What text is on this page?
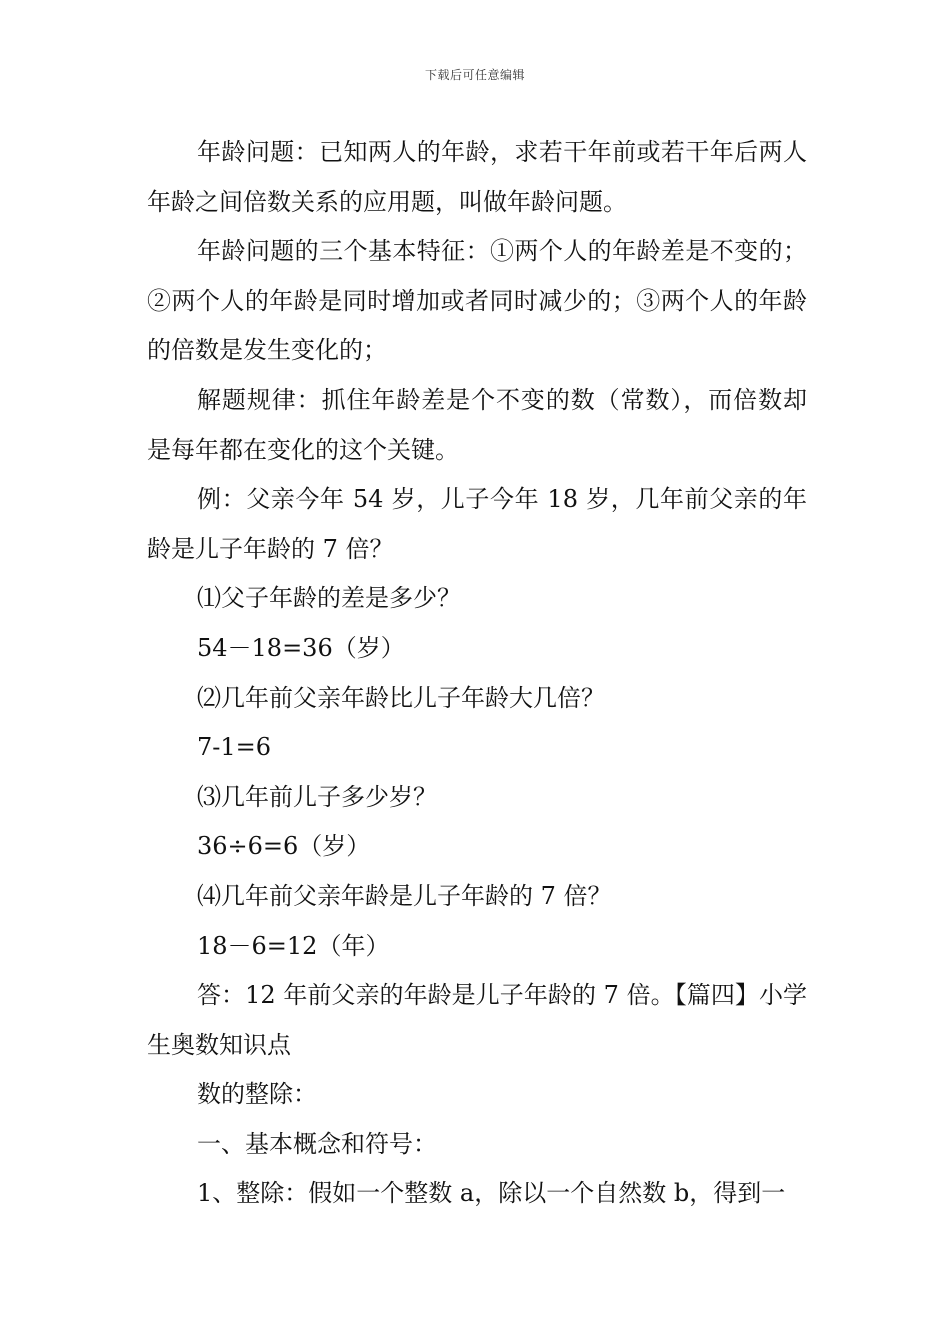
下载后可任意编辑

年龄问题：已知两人的年龄，求若干年前或若干年后两人年龄之间倍数关系的应用题，叫做年龄问题。

年龄问题的三个基本特征：①两个人的年龄差是不变的；②两个人的年龄是同时增加或者同时减少的；③两个人的年龄的倍数是发生变化的；

解题规律：抓住年龄差是个不变的数（常数），而倍数却是每年都在变化的这个关键。

例：父亲今年 54 岁，儿子今年 18 岁，几年前父亲的年龄是儿子年龄的 7 倍？

⑴父子年龄的差是多少？

54－18=36（岁）

⑵几年前父亲年龄比儿子年龄大几倍？

7-1=6

⑶几年前儿子多少岁？

36÷6=6（岁）

⑷几年前父亲年龄是儿子年龄的 7 倍？

18－6=12（年）

答：12 年前父亲的年龄是儿子年龄的 7 倍。【篇四】小学生奥数知识点

数的整除：

一、基本概念和符号：

1、整除：假如一个整数 a，除以一个自然数 b，得到一
